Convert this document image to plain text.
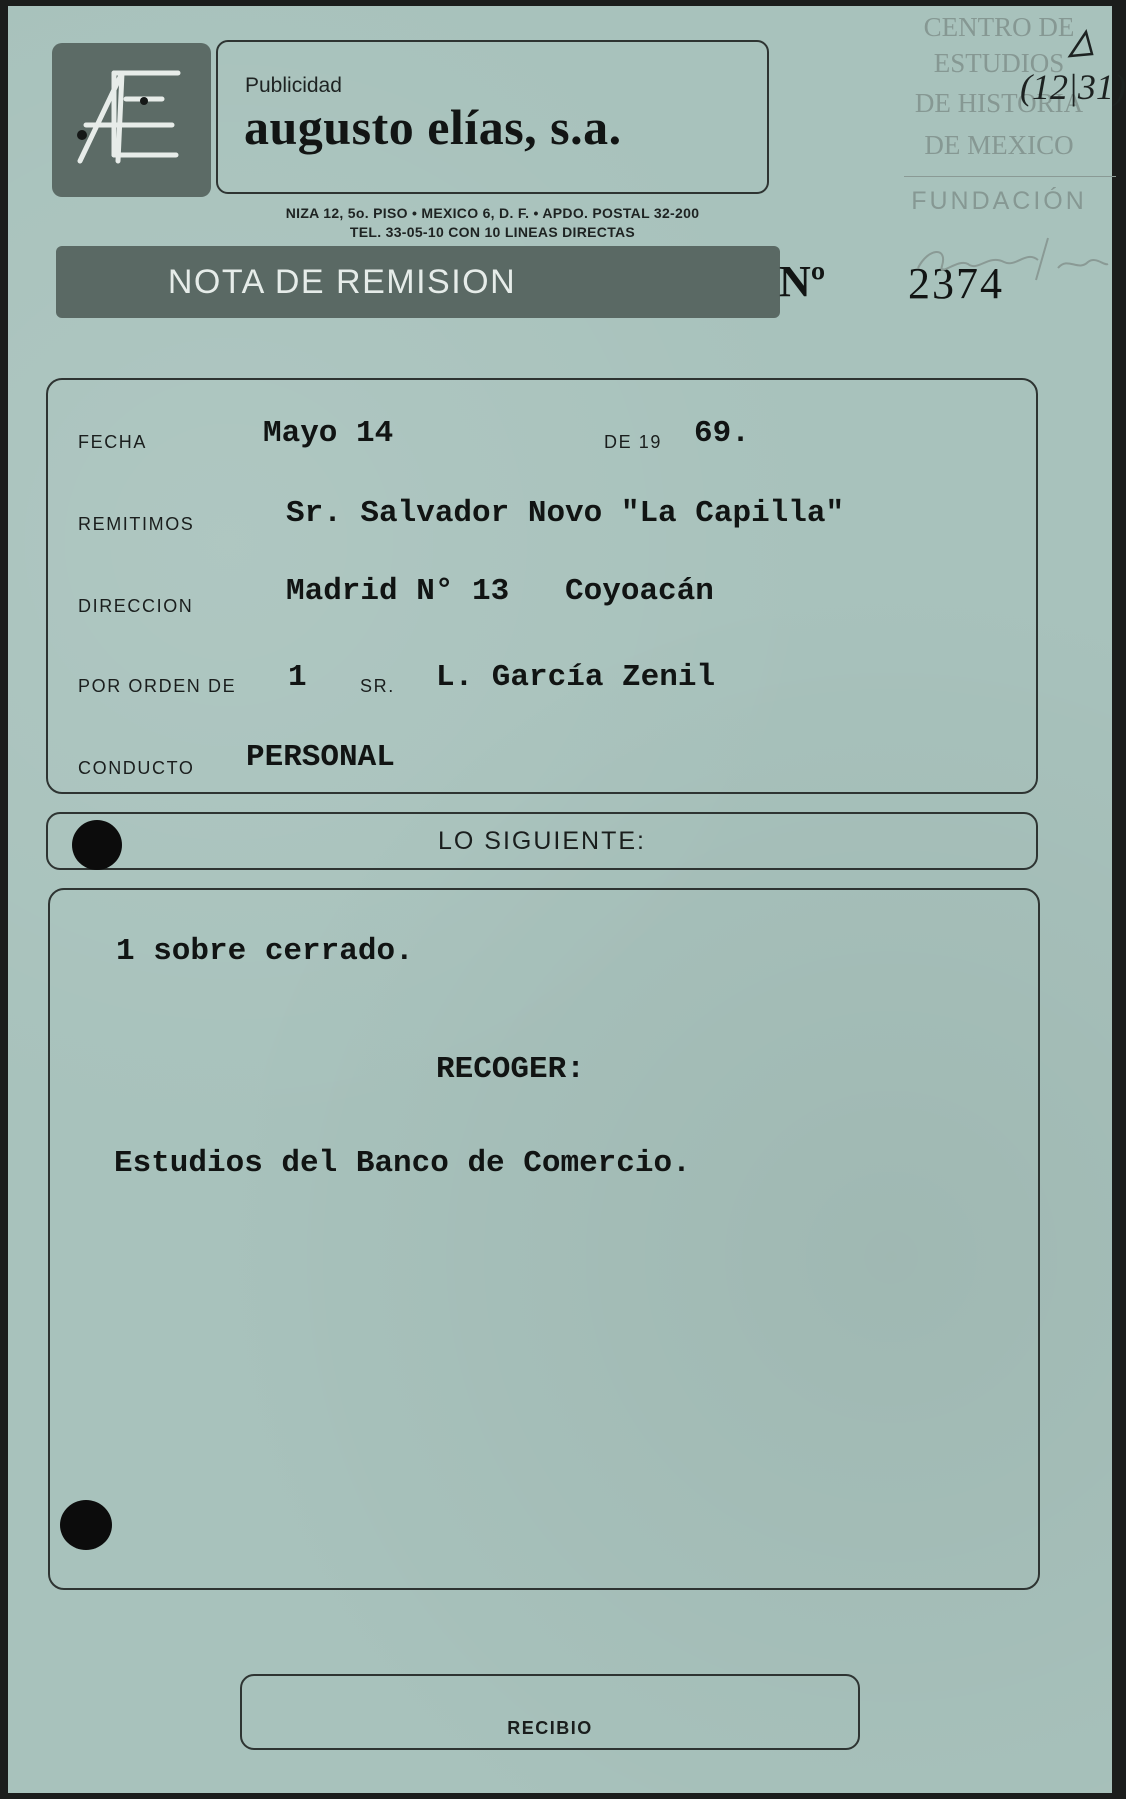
Publicidad
augusto elías, s.a.
NIZA 12, 5o. PISO • MEXICO 6, D. F. • APDO. POSTAL 32-200
TEL. 33-05-10 CON 10 LINEAS DIRECTAS
NOTA DE REMISION	Nº 2374
CENTRO DE
ESTUDIOS
DE HISTORIA
DE MEXICO
FUNDACIÓN
(12|31)
FECHA	Mayo 14	DE 19 69.
REMITIMOS	Sr. Salvador Novo "La Capilla"
DIRECCION	Madrid N° 13   Coyoacán
POR ORDEN DE 1	SR. L. García Zenil
CONDUCTO PERSONAL
LO SIGUIENTE:
1 sobre cerrado.
RECOGER:
Estudios del Banco de Comercio.
RECIBIO
